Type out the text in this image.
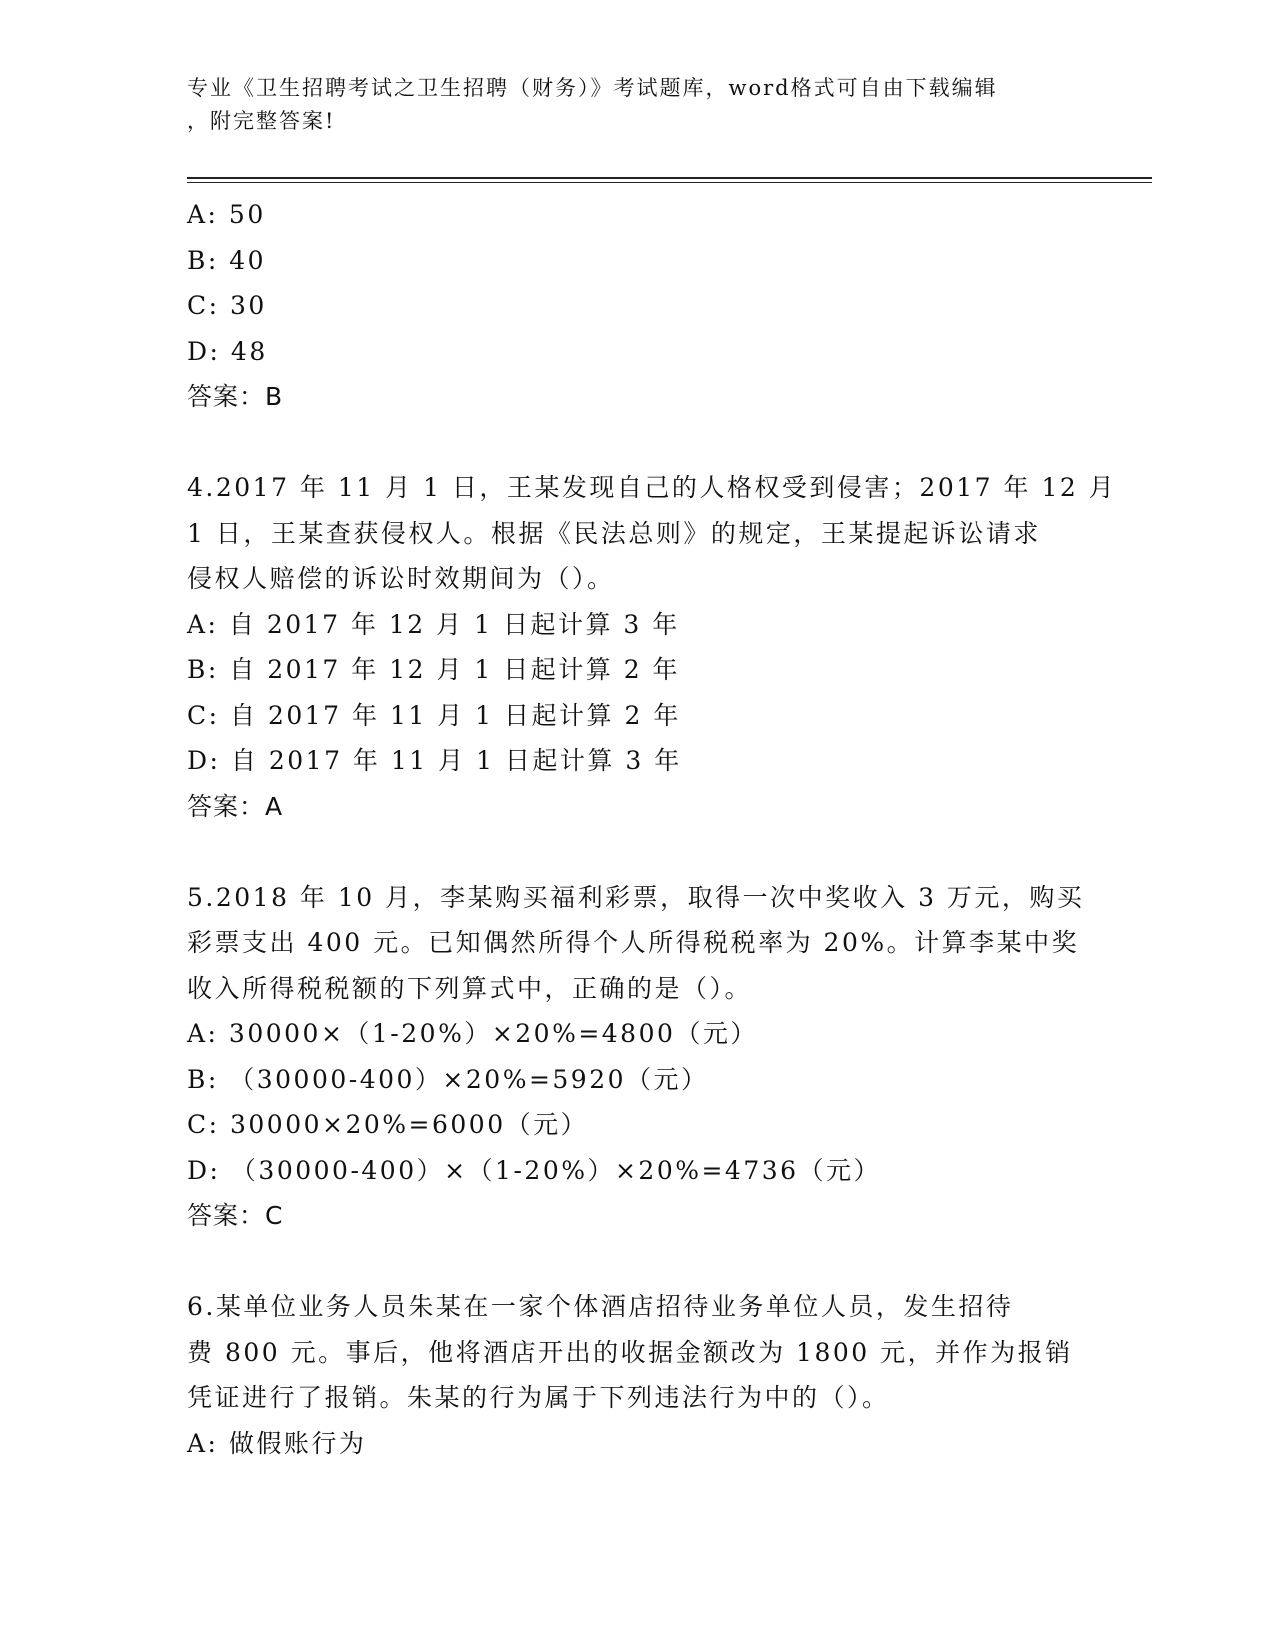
专业《卫生招聘考试之卫生招聘（财务）》考试题库，word格式可自由下载编辑
，附完整答案!
A: 50
B: 40
C: 30
D: 48
答案：B
4.2017 年 11 月 1 日，王某发现自己的人格权受到侵害；2017 年 12 月
1 日，王某查获侵权人。根据《民法总则》的规定，王某提起诉讼请求
侵权人赔偿的诉讼时效期间为（）。
A: 自 2017 年 12 月 1 日起计算 3 年
B: 自 2017 年 12 月 1 日起计算 2 年
C: 自 2017 年 11 月 1 日起计算 2 年
D: 自 2017 年 11 月 1 日起计算 3 年
答案：A
5.2018 年 10 月，李某购买福利彩票，取得一次中奖收入 3 万元，购买
彩票支出 400 元。已知偶然所得个人所得税税率为 20%。计算李某中奖
收入所得税税额的下列算式中，正确的是（）。
A: 30000×（1-20%）×20%=4800（元）
B: （30000-400）×20%=5920（元）
C: 30000×20%=6000（元）
D: （30000-400）×（1-20%）×20%=4736（元）
答案：C
6.某单位业务人员朱某在一家个体酒店招待业务单位人员，发生招待
费 800 元。事后，他将酒店开出的收据金额改为 1800 元，并作为报销
凭证进行了报销。朱某的行为属于下列违法行为中的（）。
A: 做假账行为
